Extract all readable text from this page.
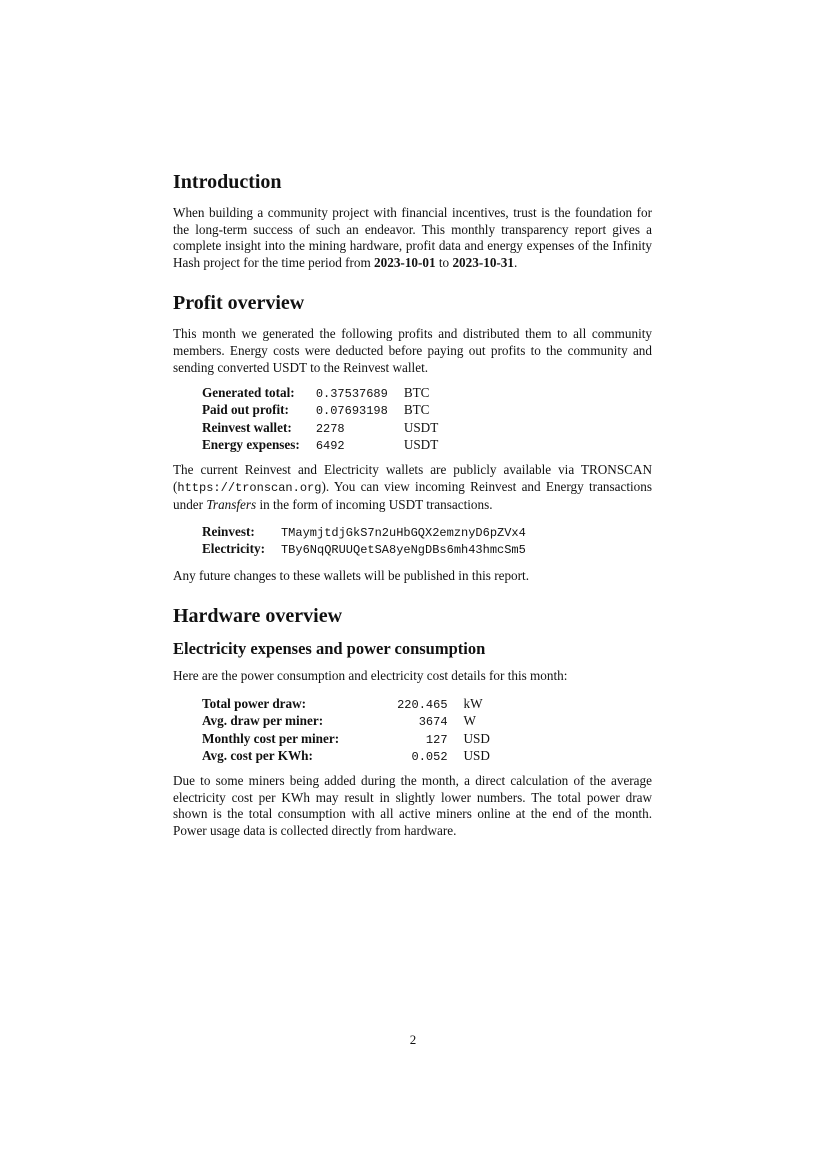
Introduction

When building a community project with financial incentives, trust is the foundation for the long-term success of such an endeavor. This monthly transparency report gives a complete insight into the mining hardware, profit data and energy expenses of the Infinity Hash project for the time period from 2023-10-01 to 2023-10-31.

Profit overview

This month we generated the following profits and distributed them to all community members. Energy costs were deducted before paying out profits to the community and sending converted USDT to the Reinvest wallet.

Generated total:	0.37537689	BTC
Paid out profit:	0.07693198	BTC
Reinvest wallet:	2278	USDT
Energy expenses:	6492	USDT

The current Reinvest and Electricity wallets are publicly available via TRONSCAN (https://tronscan.org). You can view incoming Reinvest and Energy transactions under Transfers in the form of incoming USDT transactions.

Reinvest:	TMaymjtdjGkS7n2uHbGQX2emznyD6pZVx4
Electricity:	TBy6NqQRUUQetSA8yeNgDBs6mh43hmcSm5

Any future changes to these wallets will be published in this report.

Hardware overview
Electricity expenses and power consumption

Here are the power consumption and electricity cost details for this month:

Total power draw:	220.465	kW
Avg. draw per miner:	3674	W
Monthly cost per miner:	127	USD
Avg. cost per KWh:	0.052	USD

Due to some miners being added during the month, a direct calculation of the average electricity cost per KWh may result in slightly lower numbers. The total power draw shown is the total consumption with all active miners online at the end of the month. Power usage data is collected directly from hardware.

2
